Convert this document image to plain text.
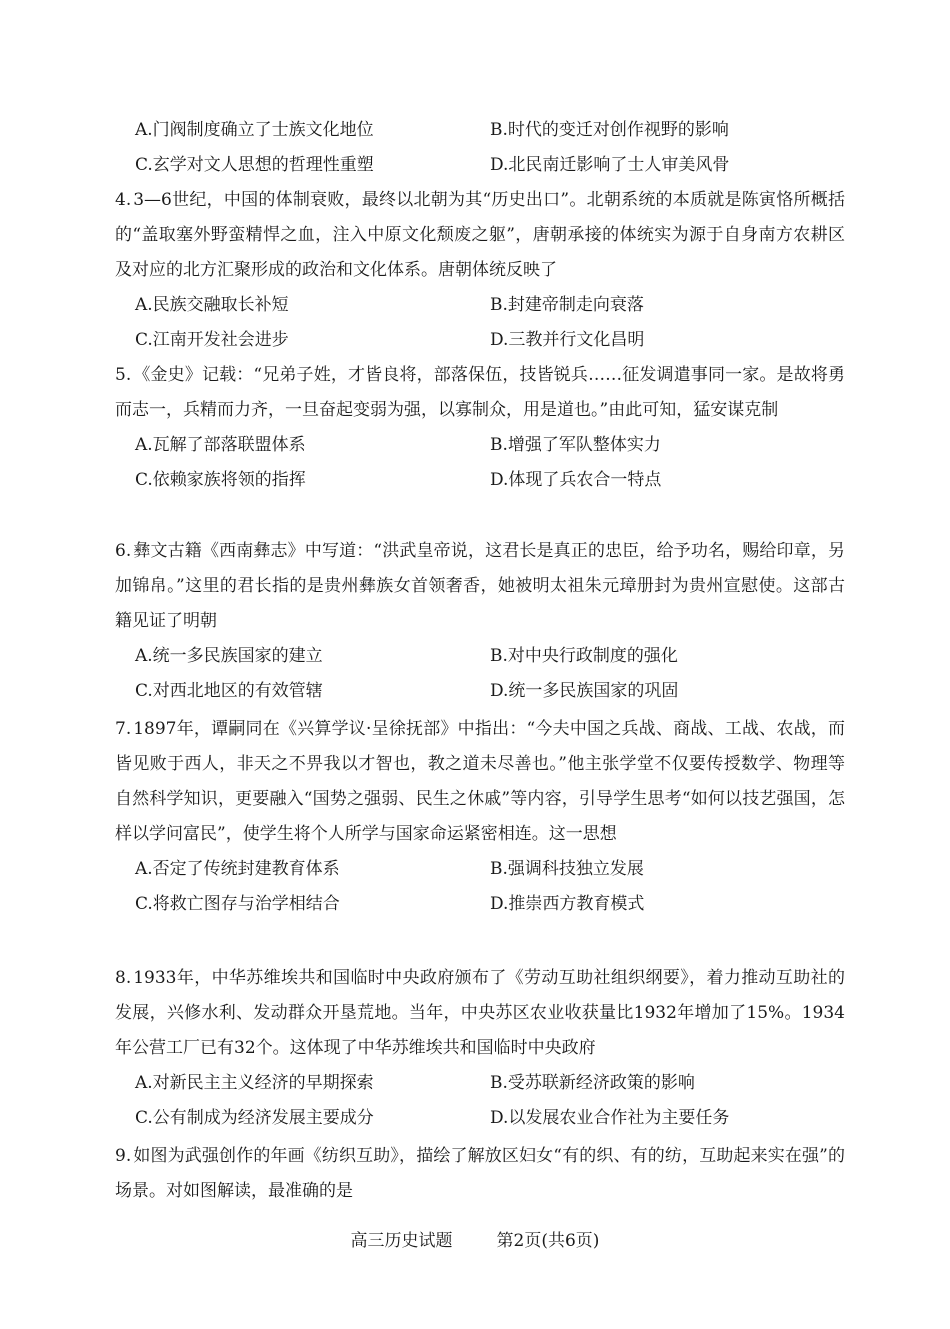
A.门阀制度确立了士族文化地位	B.时代的变迁对创作视野的影响
C.玄学对文人思想的哲理性重塑	D.北民南迁影响了士人审美风骨
4. 3—6世纪，中国的体制衰败，最终以北朝为其“历史出口”。北朝系统的本质就是陈寅恪所概括的“盖取塞外野蛮精悍之血，注入中原文化颓废之躯”，唐朝承接的体统实为源于自身南方农耕区及对应的北方汇聚形成的政治和文化体系。唐朝体统反映了
A.民族交融取长补短	B.封建帝制走向衰落
C.江南开发社会进步	D.三教并行文化昌明
5. 《金史》记载：“兄弟子姓，才皆良将，部落保伍，技皆锐兵……征发调遣事同一家。是故将勇而志一，兵精而力齐，一旦奋起变弱为强，以寡制众，用是道也。”由此可知，猛安谋克制
A.瓦解了部落联盟体系	B.增强了军队整体实力
C.依赖家族将领的指挥	D.体现了兵农合一特点
6. 彝文古籍《西南彝志》中写道：“洪武皇帝说，这君长是真正的忠臣，给予功名，赐给印章，另加锦帛。”这里的君长指的是贵州彝族女首领奢香，她被明太祖朱元璋册封为贵州宣慰使。这部古籍见证了明朝
A.统一多民族国家的建立	B.对中央行政制度的强化
C.对西北地区的有效管辖	D.统一多民族国家的巩固
7. 1897年，谭嗣同在《兴算学议·呈徐抚部》中指出：“今夫中国之兵战、商战、工战、农战，而皆见败于西人，非天之不畀我以才智也，教之道未尽善也。”他主张学堂不仅要传授数学、物理等自然科学知识，更要融入“国势之强弱、民生之休戚”等内容，引导学生思考“如何以技艺强国，怎样以学问富民”，使学生将个人所学与国家命运紧密相连。这一思想
A.否定了传统封建教育体系	B.强调科技独立发展
C.将救亡图存与治学相结合	D.推崇西方教育模式
8. 1933年，中华苏维埃共和国临时中央政府颁布了《劳动互助社组织纲要》，着力推动互助社的发展，兴修水利、发动群众开垦荒地。当年，中央苏区农业收获量比1932年增加了15%。1934年公营工厂已有32个。这体现了中华苏维埃共和国临时中央政府
A.对新民主主义经济的早期探索	B.受苏联新经济政策的影响
C.公有制成为经济发展主要成分	D.以发展农业合作社为主要任务
9. 如图为武强创作的年画《纺织互助》，描绘了解放区妇女“有的织、有的纺，互助起来实在强”的场景。对如图解读，最准确的是
高三历史试题	第2页(共6页)
